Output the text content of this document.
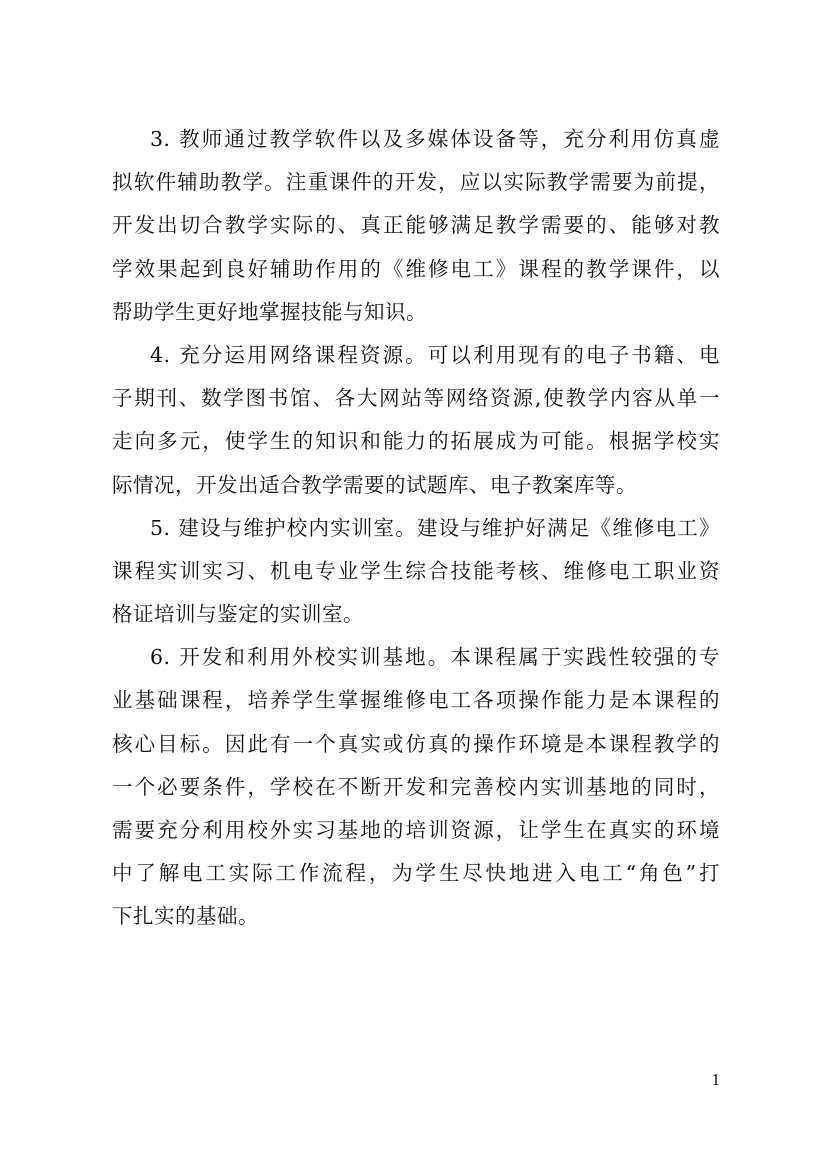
3. 教师通过教学软件以及多媒体设备等，充分利用仿真虚
拟软件辅助教学。注重课件的开发，应以实际教学需要为前提，
开发出切合教学实际的、真正能够满足教学需要的、能够对教
学效果起到良好辅助作用的《维修电工》课程的教学课件，以
帮助学生更好地掌握技能与知识。
4. 充分运用网络课程资源。可以利用现有的电子书籍、电
子期刊、数学图书馆、各大网站等网络资源,使教学内容从单一
走向多元，使学生的知识和能力的拓展成为可能。根据学校实
际情况，开发出适合教学需要的试题库、电子教案库等。
5. 建设与维护校内实训室。建设与维护好满足《维修电工》
课程实训实习、机电专业学生综合技能考核、维修电工职业资
格证培训与鉴定的实训室。
6. 开发和利用外校实训基地。本课程属于实践性较强的专
业基础课程，培养学生掌握维修电工各项操作能力是本课程的
核心目标。因此有一个真实或仿真的操作环境是本课程教学的
一个必要条件，学校在不断开发和完善校内实训基地的同时，
需要充分利用校外实习基地的培训资源，让学生在真实的环境
中了解电工实际工作流程，为学生尽快地进入电工“角色”打
下扎实的基础。
1
